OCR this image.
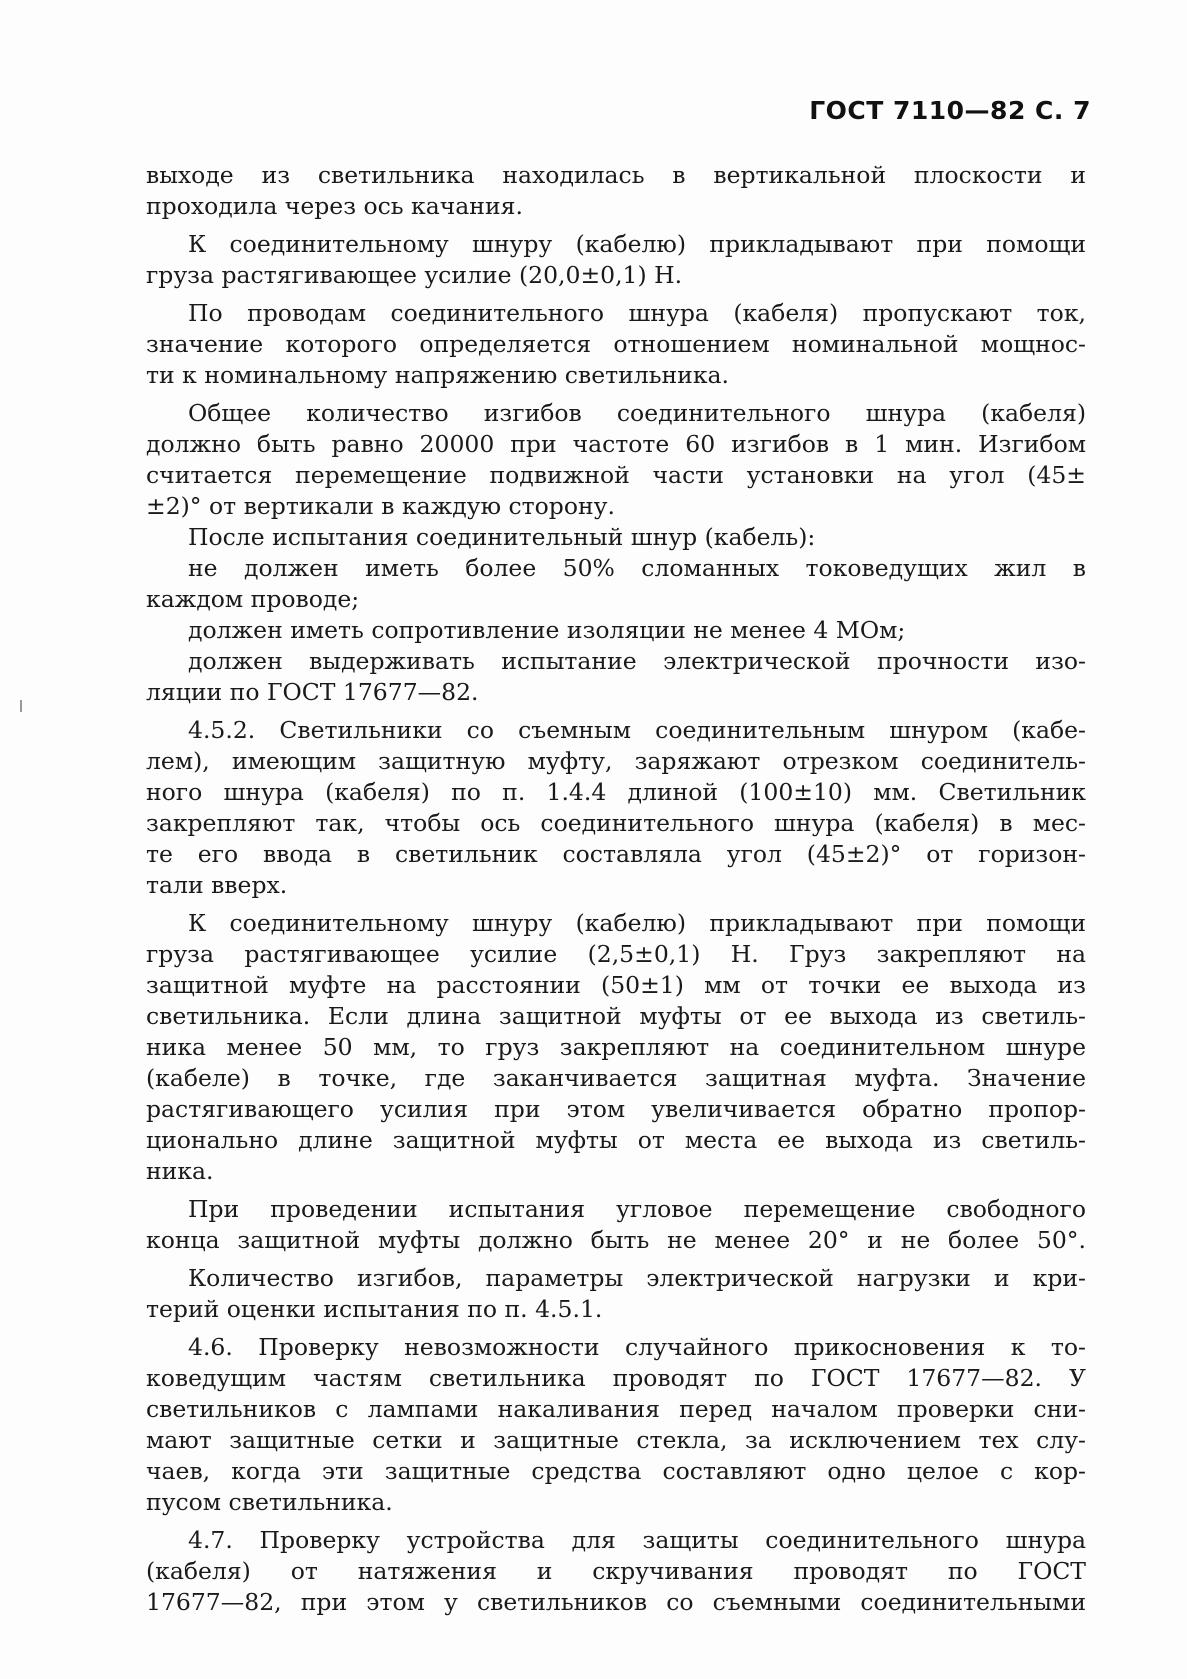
ГОСТ 7110—82 С. 7
выходе из светильника находилась в вертикальной плоскости и
проходила через ось качания.
К соединительному шнуру (кабелю) прикладывают при помощи
груза растягивающее усилие (20,0±0,1) Н.
По проводам соединительного шнура (кабеля) пропускают ток,
значение которого определяется отношением номинальной мощнос-
ти к номинальному напряжению светильника.
Общее количество изгибов соединительного шнура (кабеля)
должно быть равно 20000 при частоте 60 изгибов в 1 мин. Изгибом
считается перемещение подвижной части установки на угол (45±
±2)° от вертикали в каждую сторону.
После испытания соединительный шнур (кабель):
не должен иметь более 50% сломанных токоведущих жил в
каждом проводе;
должен иметь сопротивление изоляции не менее 4 МОм;
должен выдерживать испытание электрической прочности изо-
ляции по ГОСТ 17677—82.
4.5.2. Светильники со съемным соединительным шнуром (кабе-
лем), имеющим защитную муфту, заряжают отрезком соединитель-
ного шнура (кабеля) по п. 1.4.4 длиной (100±10) мм. Светильник
закрепляют так, чтобы ось соединительного шнура (кабеля) в мес-
те его ввода в светильник составляла угол (45±2)° от горизон-
тали вверх.
К соединительному шнуру (кабелю) прикладывают при помощи
груза растягивающее усилие (2,5±0,1) Н. Груз закрепляют на
защитной муфте на расстоянии (50±1) мм от точки ее выхода из
светильника. Если длина защитной муфты от ее выхода из светиль-
ника менее 50 мм, то груз закрепляют на соединительном шнуре
(кабеле) в точке, где заканчивается защитная муфта. Значение
растягивающего усилия при этом увеличивается обратно пропор-
ционально длине защитной муфты от места ее выхода из светиль-
ника.
При проведении испытания угловое перемещение свободного
конца защитной муфты должно быть не менее 20° и не более 50°.
Количество изгибов, параметры электрической нагрузки и кри-
терий оценки испытания по п. 4.5.1.
4.6. Проверку невозможности случайного прикосновения к то-
коведущим частям светильника проводят по ГОСТ 17677—82. У
светильников с лампами накаливания перед началом проверки сни-
мают защитные сетки и защитные стекла, за исключением тех слу-
чаев, когда эти защитные средства составляют одно целое с кор-
пусом светильника.
4.7. Проверку устройства для защиты соединительного шнура
(кабеля) от натяжения и скручивания проводят по ГОСТ
17677—82, при этом у светильников со съемными соединительными
